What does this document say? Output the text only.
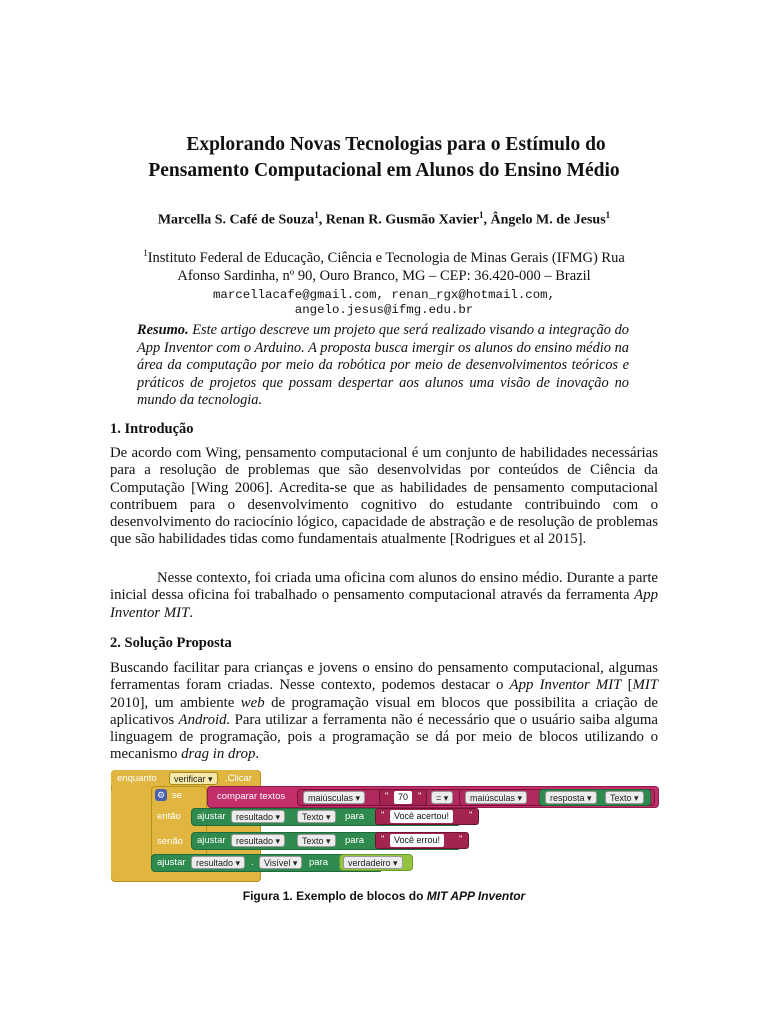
Explorando Novas Tecnologias para o Estímulo do
Pensamento Computacional em Alunos do Ensino Médio
Marcella S. Café de Souza$^1$, Renan R. Gusmão Xavier$^1$, Ângelo M. de Jesus$^1$
$^1$Instituto Federal de Educação, Ciência e Tecnologia de Minas Gerais (IFMG) Rua
Afonso Sardinha, nº 90, Ouro Branco, MG – CEP: 36.420-000 – Brazil
marcellacafe@gmail.com, renan_rgx@hotmail.com,
angelo.jesus@ifmg.edu.br
Resumo. Este artigo descreve um projeto que será realizado visando a integração do App Inventor com o Arduino. A proposta busca imergir os alunos do ensino médio na área da computação por meio da robótica por meio de desenvolvimentos teóricos e práticos de projetos que possam despertar aos alunos uma visão de inovação no mundo da tecnologia.
1. Introdução
De acordo com Wing, pensamento computacional é um conjunto de habilidades necessárias para a resolução de problemas que são desenvolvidas por conteúdos de Ciência da Computação [Wing 2006]. Acredita-se que as habilidades de pensamento computacional contribuem para o desenvolvimento cognitivo do estudante contribuindo com o desenvolvimento do raciocínio lógico, capacidade de abstração e de resolução de problemas que são habilidades tidas como fundamentais atualmente [Rodrigues et al 2015].
Nesse contexto, foi criada uma oficina com alunos do ensino médio. Durante a parte inicial dessa oficina foi trabalhado o pensamento computacional através da ferramenta App Inventor MIT.
2. Solução Proposta
Buscando facilitar para crianças e jovens o ensino do pensamento computacional, algumas ferramentas foram criadas. Nesse contexto, podemos destacar o App Inventor MIT [MIT 2010], um ambiente web de programação visual em blocos que possibilita a criação de aplicativos Android. Para utilizar a ferramenta não é necessário que o usuário saiba alguma linguagem de programação, pois a programação se dá por meio de blocos utilizando o mecanismo drag in drop.
enquanto	verificar ▾	.Clicar
⚙ se
então
senão
comparar textos	maiúsculas ▾	"	70	"	= ▾	maiúsculas ▾	resposta ▾	Texto ▾
ajustar	resultado ▾	Texto ▾	para "	Você acertou!	"
ajustar	resultado ▾	Texto ▾	para "	Você errou!	"
ajustar	resultado ▾	.	Visível ▾	para	verdadeiro ▾
Figura 1. Exemplo de blocos do MIT APP Inventor
